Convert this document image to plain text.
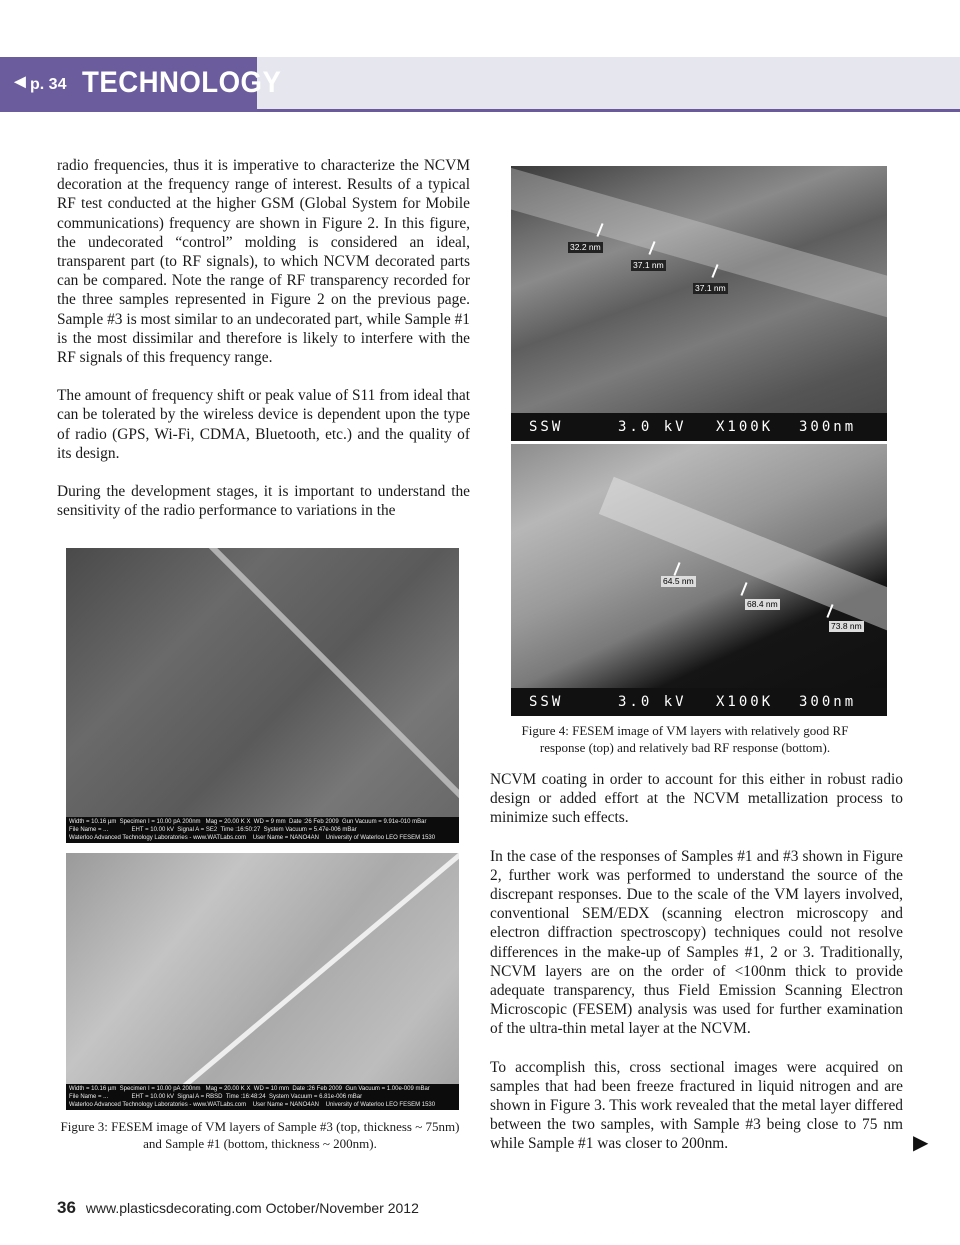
◄ p. 34 TECHNOLOGY

radio frequencies, thus it is imperative to characterize the NCVM decoration at the frequency range of interest. Results of a typical RF test conducted at the higher GSM (Global System for Mobile communications) frequency are shown in Figure 2. In this figure, the undecorated “control” molding is considered an ideal, transparent part (to RF signals), to which NCVM decorated parts can be compared. Note the range of RF transparency recorded for the three samples represented in Figure 2 on the previous page. Sample #3 is most similar to an undecorated part, while Sample #1 is the most dissimilar and therefore is likely to interfere with the RF signals of this frequency range.

The amount of frequency shift or peak value of S11 from ideal that can be tolerated by the wireless device is dependent upon the type of radio (GPS, Wi-Fi, CDMA, Bluetooth, etc.) and the quality of its design.

During the development stages, it is important to understand the sensitivity of the radio performance to variations in the

32.2 nm
37.1 nm
37.1 nm
SSW	3.0 kV X100K 300nm
64.5 nm
68.4 nm
73.8 nm
SSW	3.0 kV X100K 300nm
Figure 4: FESEM image of VM layers with relatively good RF response (top) and relatively bad RF response (bottom).
Width = 10.16 µm Specimen I = 10.00 pA 200nm Mag = 20.00 K X WD = 9 mm Date :26 Feb 2009 Gun Vacuum = 9.91e-010 mBar
File Name = ...	EHT = 10.00 kV Signal A = SE2 Time :16:50:27 System Vacuum = 5.47e-006 mBar
Waterloo Advanced Technology Laboratories - www.WATLabs.com User Name = NANO4AN University of Waterloo LEO FESEM 1530
Width = 10.16 µm Specimen I = 10.00 pA 200nm Mag = 20.00 K X WD = 10 mm Date :26 Feb 2009 Gun Vacuum = 1.00e-009 mBar
File Name = ...	EHT = 10.00 kV Signal A = RBSD Time :16:48:24 System Vacuum = 6.81e-006 mBar
Waterloo Advanced Technology Laboratories - www.WATLabs.com User Name = NANO4AN University of Waterloo LEO FESEM 1530
Figure 3: FESEM image of VM layers of Sample #3 (top, thickness ~ 75nm) and Sample #1 (bottom, thickness ~ 200nm).

NCVM coating in order to account for this either in robust radio design or added effort at the NCVM metallization process to minimize such effects.

In the case of the responses of Samples #1 and #3 shown in Figure 2, further work was performed to understand the source of the discrepant responses. Due to the scale of the VM layers involved, conventional SEM/EDX (scanning electron microscopy and electron diffraction spectroscopy) techniques could not resolve differences in the make-up of Samples #1, 2 or 3. Traditionally, NCVM layers are on the order of <100nm thick to provide adequate transparency, thus Field Emission Scanning Electron Microscopic (FESEM) analysis was used for further examination of the ultra-thin metal layer at the NCVM.

To accomplish this, cross sectional images were acquired on samples that had been freeze fractured in liquid nitrogen and are shown in Figure 3. This work revealed that the metal layer differed between the two samples, with Sample #3 being close to 75 nm while Sample #1 was closer to 200nm.	▶
36 www.plasticsdecorating.com October/November 2012
